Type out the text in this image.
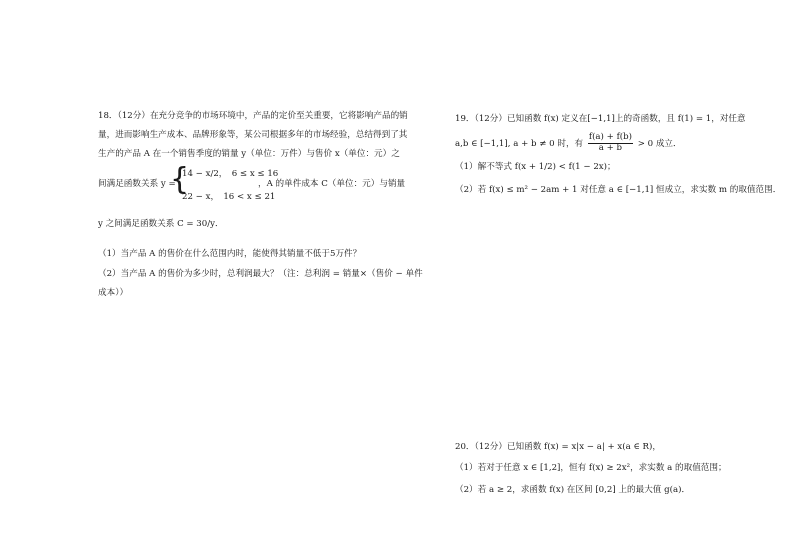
18．（12分）在充分竞争的市场环境中，产品的定价至关重要，它将影响产品的销
量，进而影响生产成本、品牌形象等，某公司根据多年的市场经验，总结得到了其
生产的产品 A 在一个销售季度的销量 y（单位：万件）与售价 x（单位：元）之
间满足函数关系 y =
{
14 − x/2，　6 ≤ x ≤ 16
22 − x，　16 < x ≤ 21
，A 的单件成本 C（单位：元）与销量
y 之间满足函数关系 C = 30/y．
（1）当产品 A 的售价在什么范围内时，能使得其销量不低于5万件？
（2）当产品 A 的售价为多少时，总利润最大？（注：总利润 = 销量×（售价 − 单件
成本））
19．（12分）已知函数 f(x) 定义在[−1,1]上的奇函数，且 f(1) = 1，对任意
a,b ∈ [−1,1], a + b ≠ 0 时，有 $\frac{f(a) + f(b)}{a + b} > 0$ 成立．
（1）解不等式 f(x + 1/2) < f(1 − 2x)；
（2）若 f(x) ≤ m² − 2am + 1 对任意 a ∈ [−1,1] 恒成立，求实数 m 的取值范围．
20．（12分）已知函数 f(x) = x|x − a| + x(a ∈ R)，
（1）若对于任意 x ∈ [1,2]，恒有 f(x) ≥ 2x²，求实数 a 的取值范围；
（2）若 a ≥ 2，求函数 f(x) 在区间 [0,2] 上的最大值 g(a)．
